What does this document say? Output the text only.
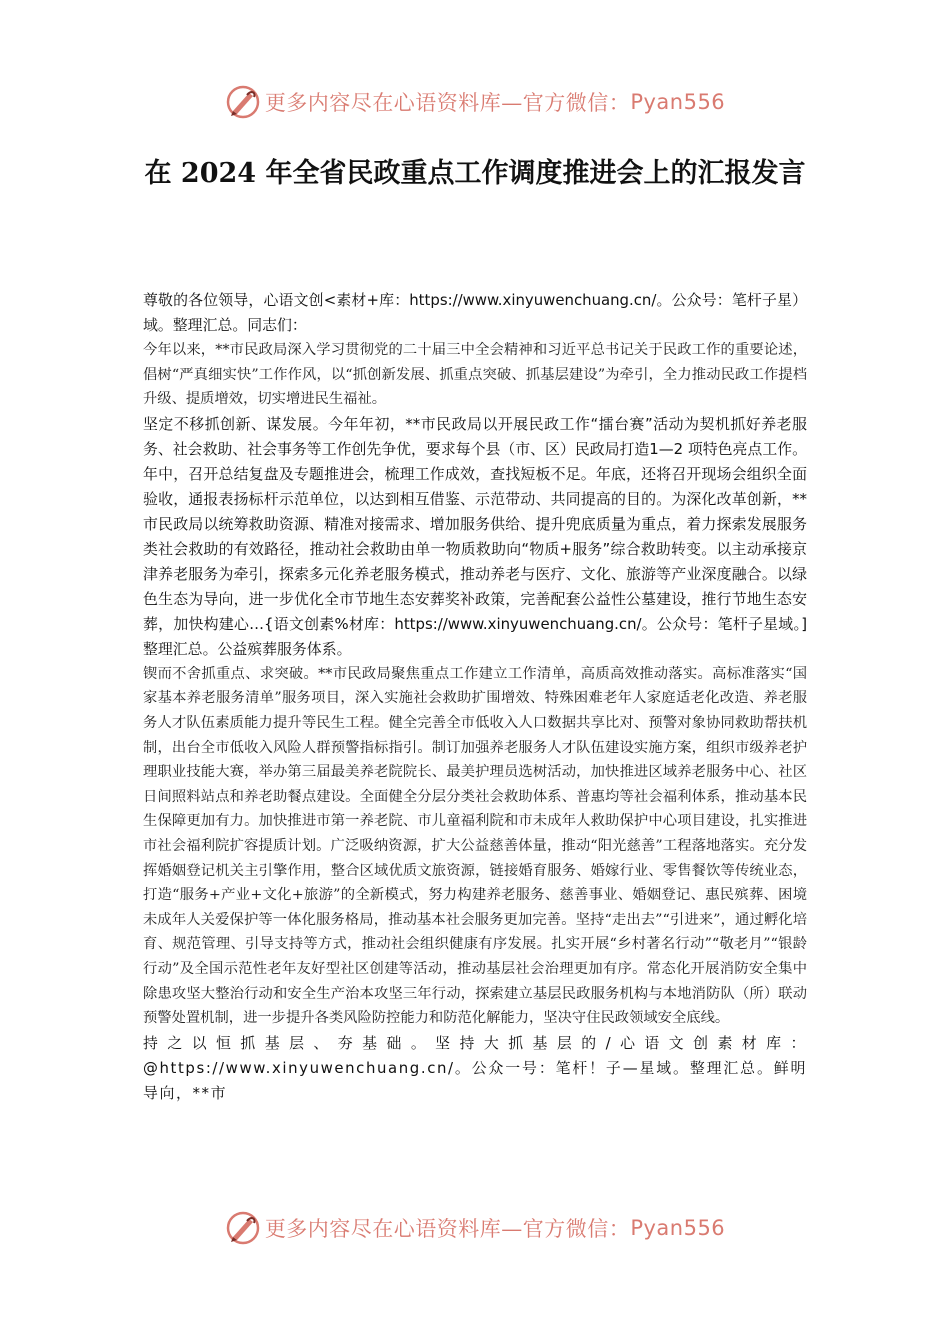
更多内容尽在心语资料库—官方微信： Pyan556
在 2024 年全省民政重点工作调度推进会上的汇报发言

尊敬的各位领导，心语文创<素材+库：https://www.xinyuwenchuang.cn/。公众号：笔杆子星）域。整理汇总。同志们：

今年以来，**市民政局深入学习贯彻党的二十届三中全会精神和习近平总书记关于民政工作的重要论述，倡树“严真细实快”工作作风，以“抓创新发展、抓重点突破、抓基层建设”为牵引，全力推动民政工作提档升级、提质增效，切实增进民生福祉。

坚定不移抓创新、谋发展。今年年初，**市民政局以开展民政工作“擂台赛”活动为契机抓好养老服务、社会救助、社会事务等工作创先争优，要求每个县（市、区）民政局打造1—2 项特色亮点工作。年中，召开总结复盘及专题推进会，梳理工作成效，查找短板不足。年底，还将召开现场会组织全面验收，通报表扬标杆示范单位，以达到相互借鉴、示范带动、共同提高的目的。为深化改革创新，**市民政局以统筹救助资源、精准对接需求、增加服务供给、提升兜底质量为重点，着力探索发展服务类社会救助的有效路径，推动社会救助由单一物质救助向“物质+服务”综合救助转变。以主动承接京津养老服务为牵引，探索多元化养老服务模式，推动养老与医疗、文化、旅游等产业深度融合。以绿色生态为导向，进一步优化全市节地生态安葬奖补政策，完善配套公益性公墓建设，推行节地生态安葬，加快构建心…{语文创素%材库：https://www.xinyuwenchuang.cn/。公众号：笔杆子星域。]整理汇总。公益殡葬服务体系。

锲而不舍抓重点、求突破。**市民政局聚焦重点工作建立工作清单，高质高效推动落实。高标准落实“国家基本养老服务清单”服务项目，深入实施社会救助扩围增效、特殊困难老年人家庭适老化改造、养老服务人才队伍素质能力提升等民生工程。健全完善全市低收入人口数据共享比对、预警对象协同救助帮扶机制，出台全市低收入风险人群预警指标指引。制订加强养老服务人才队伍建设实施方案，组织市级养老护理职业技能大赛，举办第三届最美养老院院长、最美护理员选树活动，加快推进区域养老服务中心、社区日间照料站点和养老助餐点建设。全面健全分层分类社会救助体系、普惠均等社会福利体系，推动基本民生保障更加有力。加快推进市第一养老院、市儿童福利院和市未成年人救助保护中心项目建设，扎实推进市社会福利院扩容提质计划。广泛吸纳资源，扩大公益慈善体量，推动“阳光慈善”工程落地落实。充分发挥婚姻登记机关主引擎作用，整合区域优质文旅资源，链接婚育服务、婚嫁行业、零售餐饮等传统业态，打造“服务+产业+文化+旅游”的全新模式，努力构建养老服务、慈善事业、婚姻登记、惠民殡葬、困境未成年人关爱保护等一体化服务格局，推动基本社会服务更加完善。坚持“走出去”“引进来”，通过孵化培育、规范管理、引导支持等方式，推动社会组织健康有序发展。扎实开展“乡村著名行动”“敬老月”“银龄行动”及全国示范性老年友好型社区创建等活动，推动基层社会治理更加有序。常态化开展消防安全集中除患攻坚大整治行动和安全生产治本攻坚三年行动，探索建立基层民政服务机构与本地消防队（所）联动预警处置机制，进一步提升各类风险防控能力和防范化解能力，坚决守住民政领域安全底线。

持之以恒抓基层、夯基础。坚持大抓基层的/心语文创素材库：@https://www.xinyuwenchuang.cn/。公众一号：笔杆！子—星域。整理汇总。鲜明导向，**市

更多内容尽在心语资料库—官方微信： Pyan556
